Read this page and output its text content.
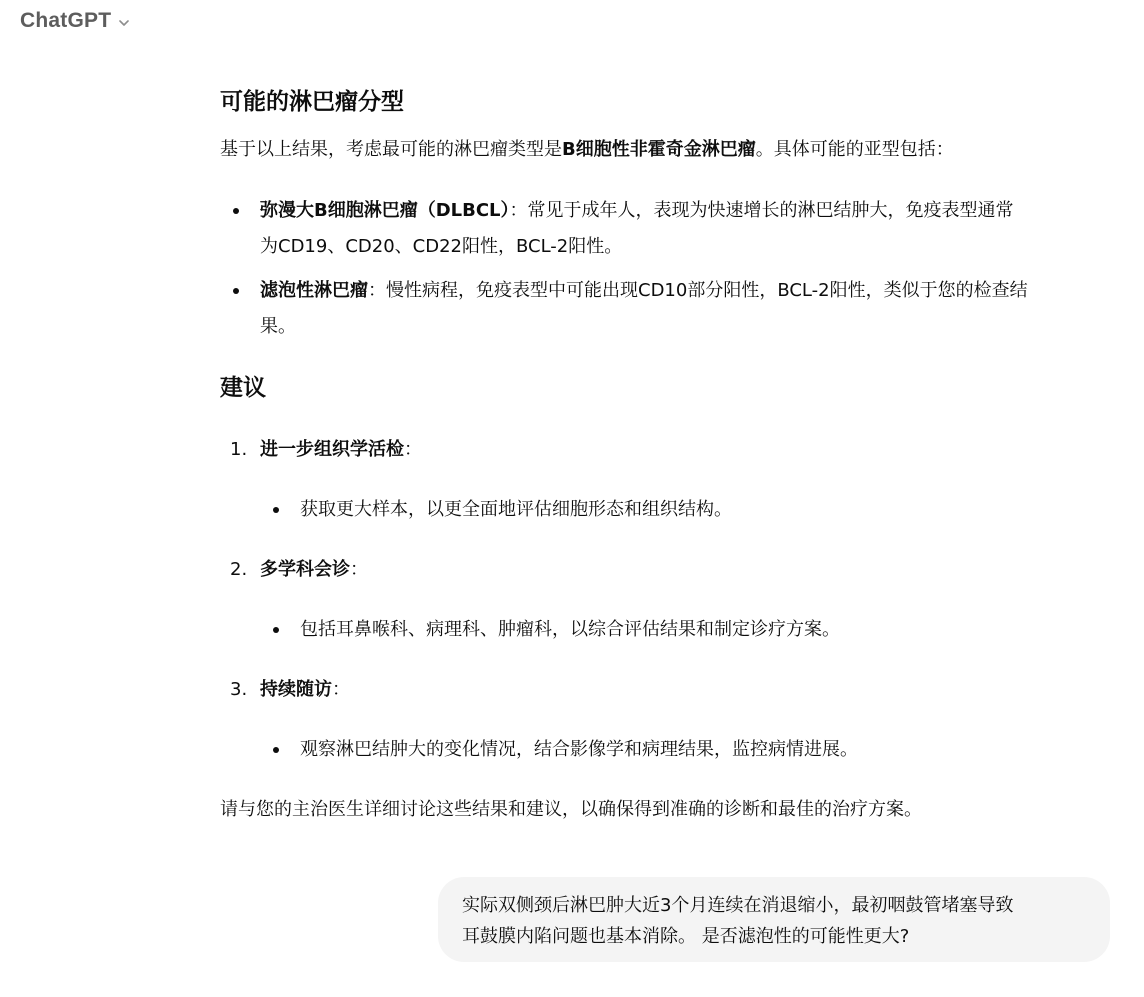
ChatGPT
可能的淋巴瘤分型

基于以上结果，考虑最可能的淋巴瘤类型是B细胞性非霍奇金淋巴瘤。具体可能的亚型包括：

弥漫大B细胞淋巴瘤（DLBCL）：常见于成年人，表现为快速增长的淋巴结肿大，免疫表型通常
为CD19、CD20、CD22阳性，BCL-2阳性。
滤泡性淋巴瘤：慢性病程，免疫表型中可能出现CD10部分阳性，BCL-2阳性，类似于您的检查结
果。
建议
1. 进一步组织学活检：

获取更大样本，以更全面地评估细胞形态和组织结构。

2. 多学科会诊：

包括耳鼻喉科、病理科、肿瘤科，以综合评估结果和制定诊疗方案。

3. 持续随访：

观察淋巴结肿大的变化情况，结合影像学和病理结果，监控病情进展。

请与您的主治医生详细讨论这些结果和建议，以确保得到准确的诊断和最佳的治疗方案。

实际双侧颈后淋巴肿大近3个月连续在消退缩小，最初咽鼓管堵塞导致
耳鼓膜内陷问题也基本消除。 是否滤泡性的可能性更大?
